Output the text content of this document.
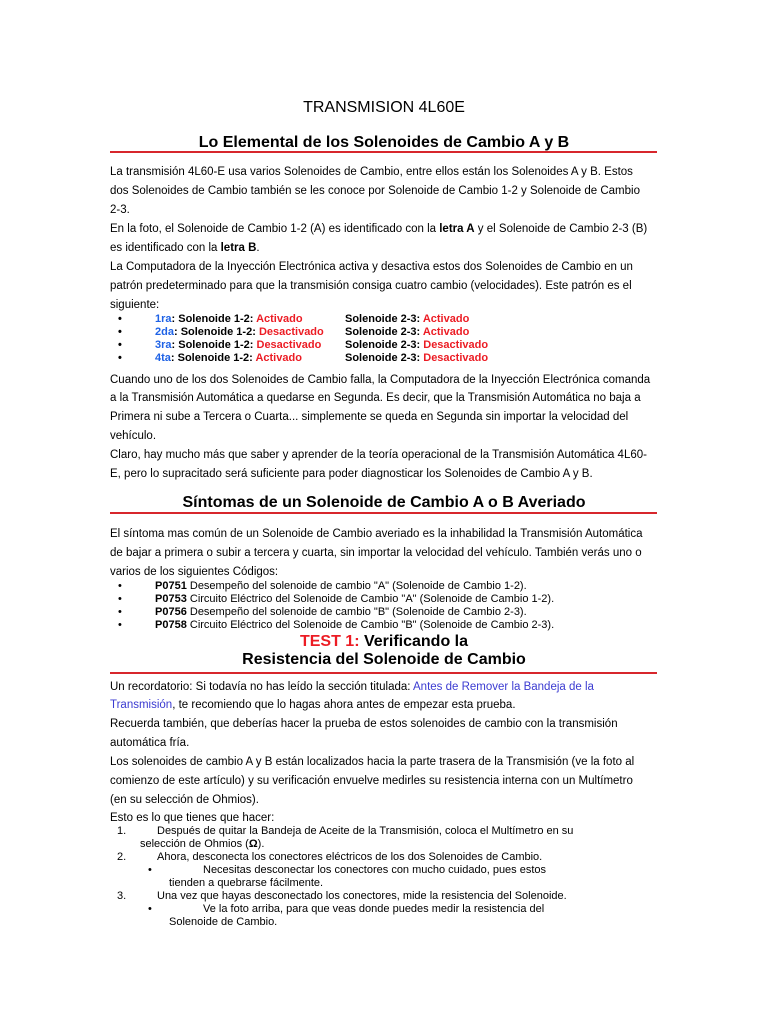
TRANSMISION 4L60E
Lo Elemental de los Solenoides de Cambio A y B
La transmisión 4L60-E usa varios Solenoides de Cambio, entre ellos están los Solenoides A y B. Estos
dos Solenoides de Cambio también se les conoce por Solenoide de Cambio 1-2 y Solenoide de Cambio
2-3.
En la foto, el Solenoide de Cambio 1-2 (A) es identificado con la letra A y el Solenoide de Cambio 2-3 (B)
es identificado con la letra B.
La Computadora de la Inyección Electrónica activa y desactiva estos dos Solenoides de Cambio en un
patrón predeterminado para que la transmisión consiga cuatro cambio (velocidades). Este patrón es el
siguiente:
•	1ra: Solenoide 1-2: Activado	Solenoide 2-3: Activado
•	2da: Solenoide 1-2: Desactivado Solenoide 2-3: Activado
•	3ra: Solenoide 1-2: Desactivado Solenoide 2-3: Desactivado
•	4ta: Solenoide 1-2: Activado	Solenoide 2-3: Desactivado
Cuando uno de los dos Solenoides de Cambio falla, la Computadora de la Inyección Electrónica comanda
a la Transmisión Automática a quedarse en Segunda. Es decir, que la Transmisión Automática no baja a
Primera ni sube a Tercera o Cuarta... simplemente se queda en Segunda sin importar la velocidad del
vehículo.
Claro, hay mucho más que saber y aprender de la teoría operacional de la Transmisión Automática 4L60-
E, pero lo supracitado será suficiente para poder diagnosticar los Solenoides de Cambio A y B.
Síntomas de un Solenoide de Cambio A o B Averiado
El síntoma mas común de un Solenoide de Cambio averiado es la inhabilidad la Transmisión Automática
de bajar a primera o subir a tercera y cuarta, sin importar la velocidad del vehículo. También verás uno o
varios de los siguientes Códigos:
•	P0751 Desempeño del solenoide de cambio "A" (Solenoide de Cambio 1-2).
•	P0753 Circuito Eléctrico del Solenoide de Cambio "A" (Solenoide de Cambio 1-2).
•	P0756 Desempeño del solenoide de cambio "B" (Solenoide de Cambio 2-3).
•	P0758 Circuito Eléctrico del Solenoide de Cambio "B" (Solenoide de Cambio 2-3).
TEST 1: Verificando la
Resistencia del Solenoide de Cambio
Un recordatorio: Si todavía no has leído la sección titulada: Antes de Remover la Bandeja de la
Transmisión, te recomiendo que lo hagas ahora antes de empezar esta prueba.
Recuerda también, que deberías hacer la prueba de estos solenoides de cambio con la transmisión
automática fría.
Los solenoides de cambio A y B están localizados hacia la parte trasera de la Transmisión (ve la foto al
comienzo de este artículo) y su verificación envuelve medirles su resistencia interna con un Multímetro
(en su selección de Ohmios).
Esto es lo que tienes que hacer:
1.	Después de quitar la Bandeja de Aceite de la Transmisión, coloca el Multímetro en su
selección de Ohmios (Ω).
2.	Ahora, desconecta los conectores eléctricos de los dos Solenoides de Cambio.
•	Necesitas desconectar los conectores con mucho cuidado, pues estos
tienden a quebrarse fácilmente.
3.	Una vez que hayas desconectado los conectores, mide la resistencia del Solenoide.
•	Ve la foto arriba, para que veas donde puedes medir la resistencia del
Solenoide de Cambio.
